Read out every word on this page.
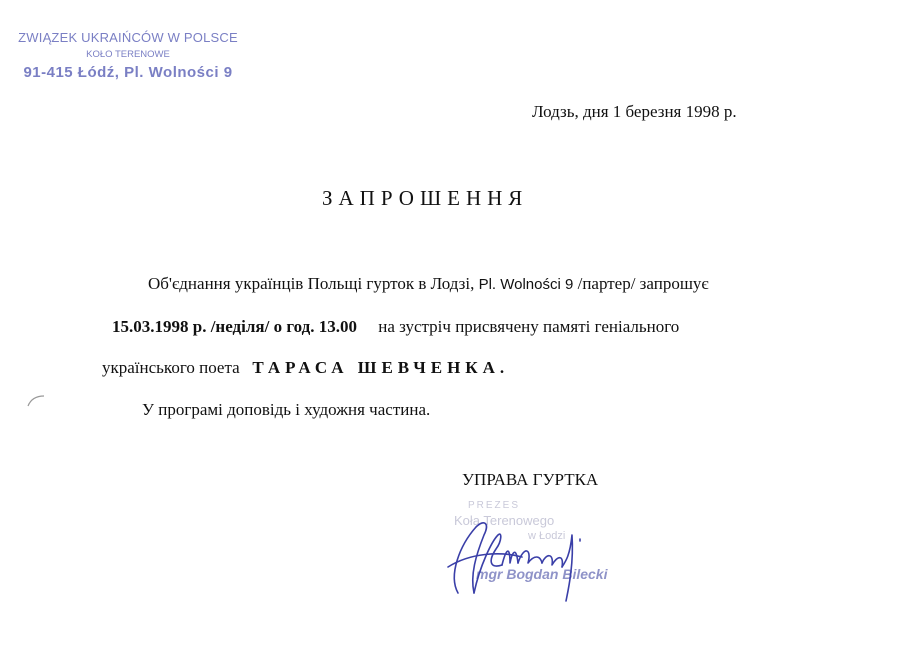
ZWIĄZEK UKRAIŃCÓW W POLSCE
KOŁO TERENOWE
91-415 Łódź, Pl. Wolności 9
Лодзь, дня 1 березня 1998 р.
ЗАПРОШЕННЯ
Об'єднання українців Польщі гурток в Лодзі, Pl. Wolności 9 /партер/ запрошує
15.03.1998 р. /неділя/ о год. 13.00 на зустріч присвячену памяті геніального
українського поета ТАРАСА ШЕВЧЕНКА.
У програмі доповідь і художня частина.
УПРАВА ГУРТКА
PREZES
Koła Terenowego
w Łodzi
mgr Bogdan Bilecki
